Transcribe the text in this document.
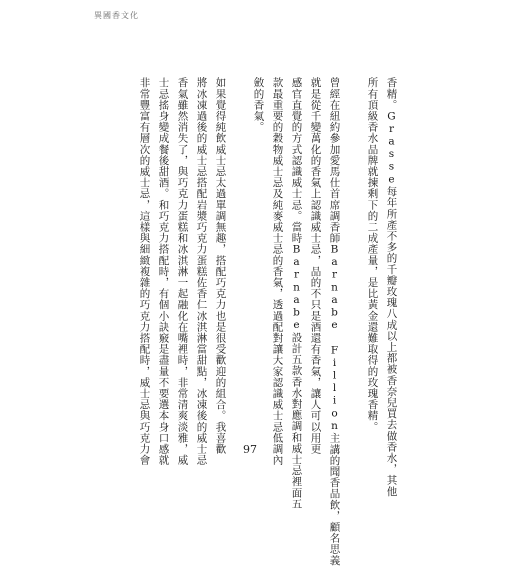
異國香文化
香精。Grasse每年所產不多的千瓣玫瑰八成以上都被香奈兒買去做香水，其他
所有頂級香水品牌就揀剩下的二成產量，是比黃金還難取得的玫瑰香精。
曾經在紐約參加愛馬仕首席調香師Barnabe Fillion主講的聞香品飲，顧名思義
就是從千變萬化的香氣上認識威士忌，品的不只是酒還有香氣，讓人可以用更
感官直覺的方式認識威士忌。當時Barnabe設計五款香水對應調和威士忌裡面五
款最重要的穀物威士忌及純麥威士忌的香氣，透過配對讓大家認識威士忌低調內
斂的香氣。
如果覺得純飲威士忌太過單調無趣，搭配巧克力也是很受歡迎的組合。我喜歡
將冰凍過後的威士忌搭配岩漿巧克力蛋糕佐香仁冰淇淋當甜點，冰凍後的威士忌
香氣雖然消失了，與巧克力蛋糕和冰淇淋一起融化在嘴裡時，非常清爽淡雅，威
士忌搖身變成餐後甜酒。和巧克力搭配時，有個小訣竅是盡量不要選本身口感就
非常豐富有層次的威士忌，這樣與細緻複雜的巧克力搭配時，威士忌與巧克力會	97
